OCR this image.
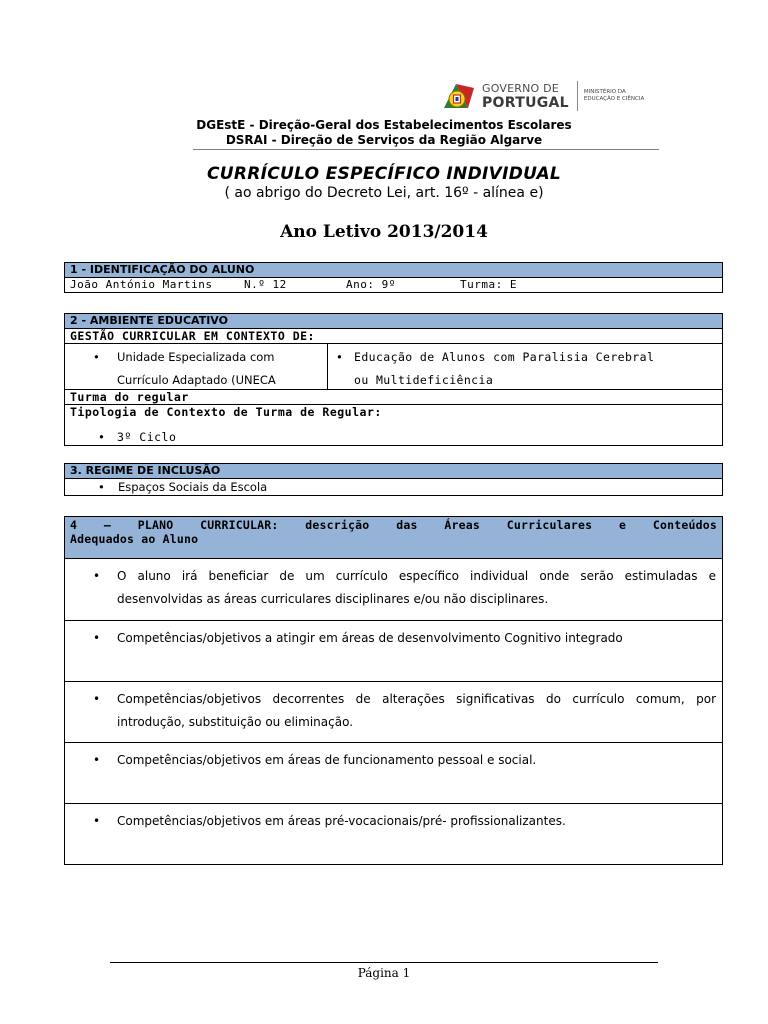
GOVERNO DE
PORTUGAL
MINISTÉRIO DA EDUCAÇÃO E CIÊNCIA
DGEstE - Direção-Geral dos Estabelecimentos Escolares
DSRAI - Direção de Serviços da Região Algarve
CURRÍCULO ESPECÍFICO INDIVIDUAL
( ao abrigo do Decreto Lei, art. 16º - alínea e)
Ano Letivo 2013/2014
1 - IDENTIFICAÇÃO DO ALUNO
João António Martins	N.º 12	Ano: 9º	Turma: E
2 - AMBIENTE EDUCATIVO
GESTÃO CURRICULAR EM CONTEXTO DE:
• Unidade Especializada com
Currículo Adaptado (UNECA
• Educação de Alunos com Paralisia Cerebral
ou Multideficiência
Turma do regular
Tipologia de Contexto de Turma de Regular:
• 3º Ciclo
3. REGIME DE INCLUSÃO
• Espaços Sociais da Escola
4 – PLANO CURRICULAR: descrição das Áreas Curriculares e Conteúdos
Adequados ao Aluno
• O aluno irá beneficiar de um currículo específico individual onde serão estimuladas e desenvolvidas as áreas curriculares disciplinares e/ou não disciplinares.
• Competências/objetivos a atingir em áreas de desenvolvimento Cognitivo integrado
• Competências/objetivos decorrentes de alterações significativas do currículo comum, por introdução, substituição ou eliminação.
• Competências/objetivos em áreas de funcionamento pessoal e social.
• Competências/objetivos em áreas pré-vocacionais/pré- profissionalizantes.
Página 1
